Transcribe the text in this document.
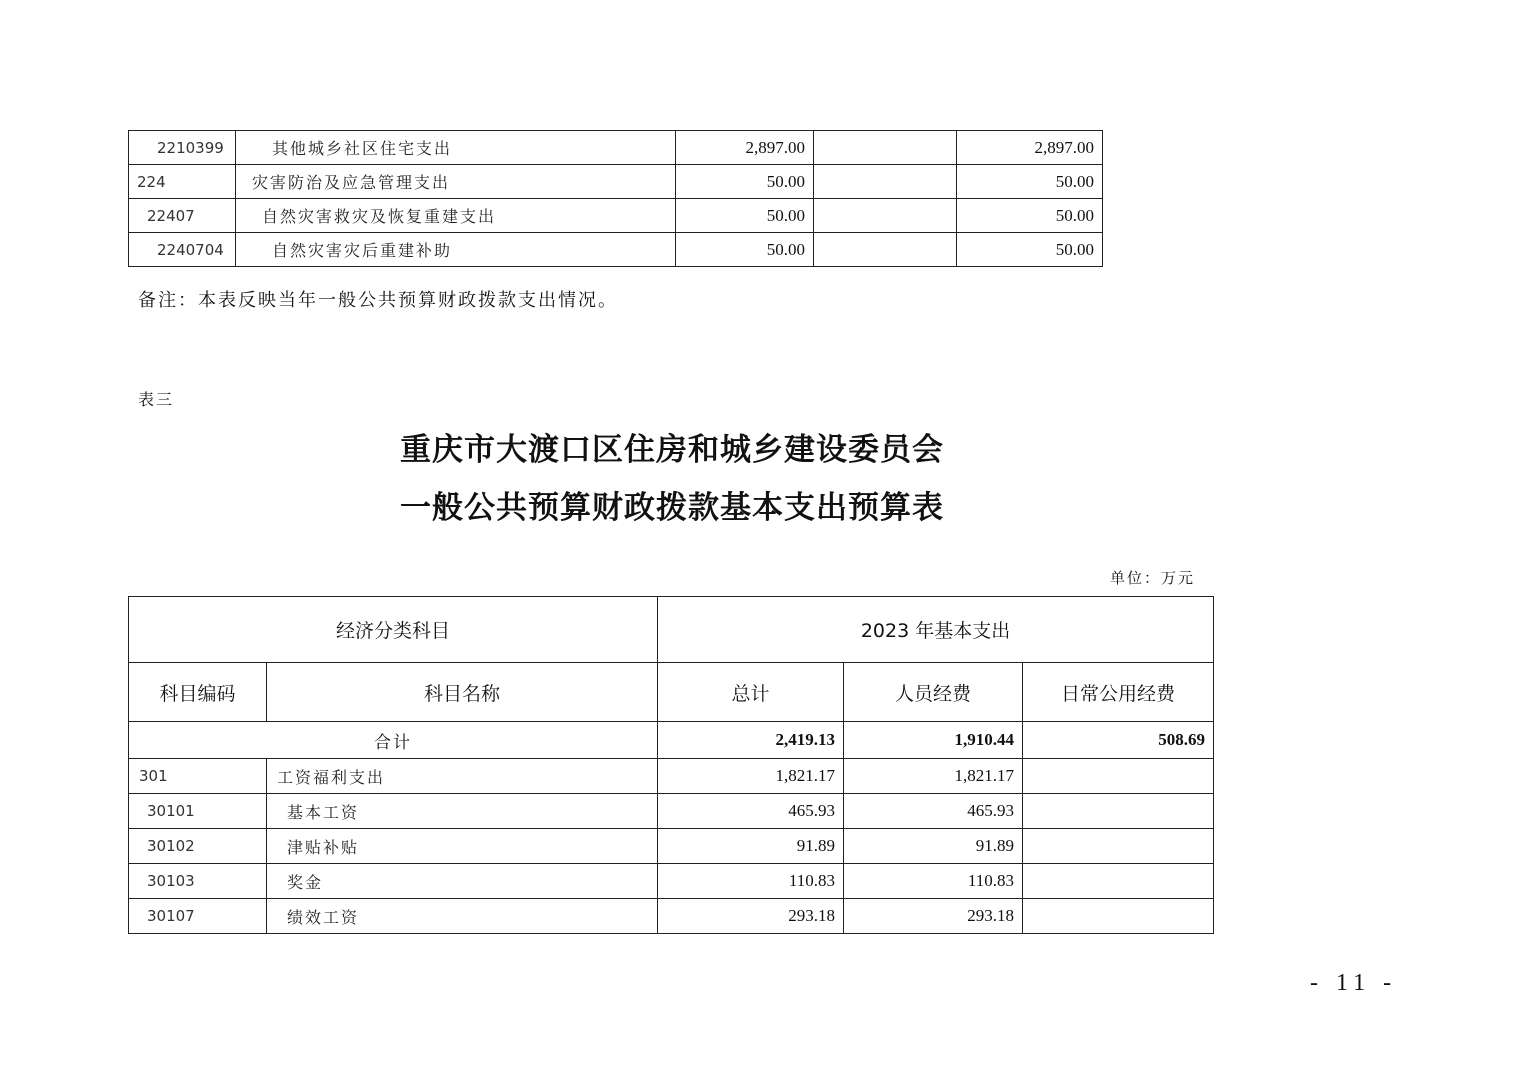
2210399	其他城乡社区住宅支出	2,897.00		2,897.00
224	灾害防治及应急管理支出	50.00		50.00
22407	自然灾害救灾及恢复重建支出	50.00		50.00
2240704	自然灾害灾后重建补助	50.00		50.00
备注：本表反映当年一般公共预算财政拨款支出情况。
表三
重庆市大渡口区住房和城乡建设委员会
一般公共预算财政拨款基本支出预算表
单位：万元
经济分类科目		2023 年基本支出		
科目编码	科目名称	总计	人员经费	日常公用经费
合计		2,419.13	1,910.44	508.69
301	工资福利支出	1,821.17	1,821.17	
30101	基本工资	465.93	465.93	
30102	津贴补贴	91.89	91.89	
30103	奖金	110.83	110.83	
30107	绩效工资	293.18	293.18	
- 11 -
